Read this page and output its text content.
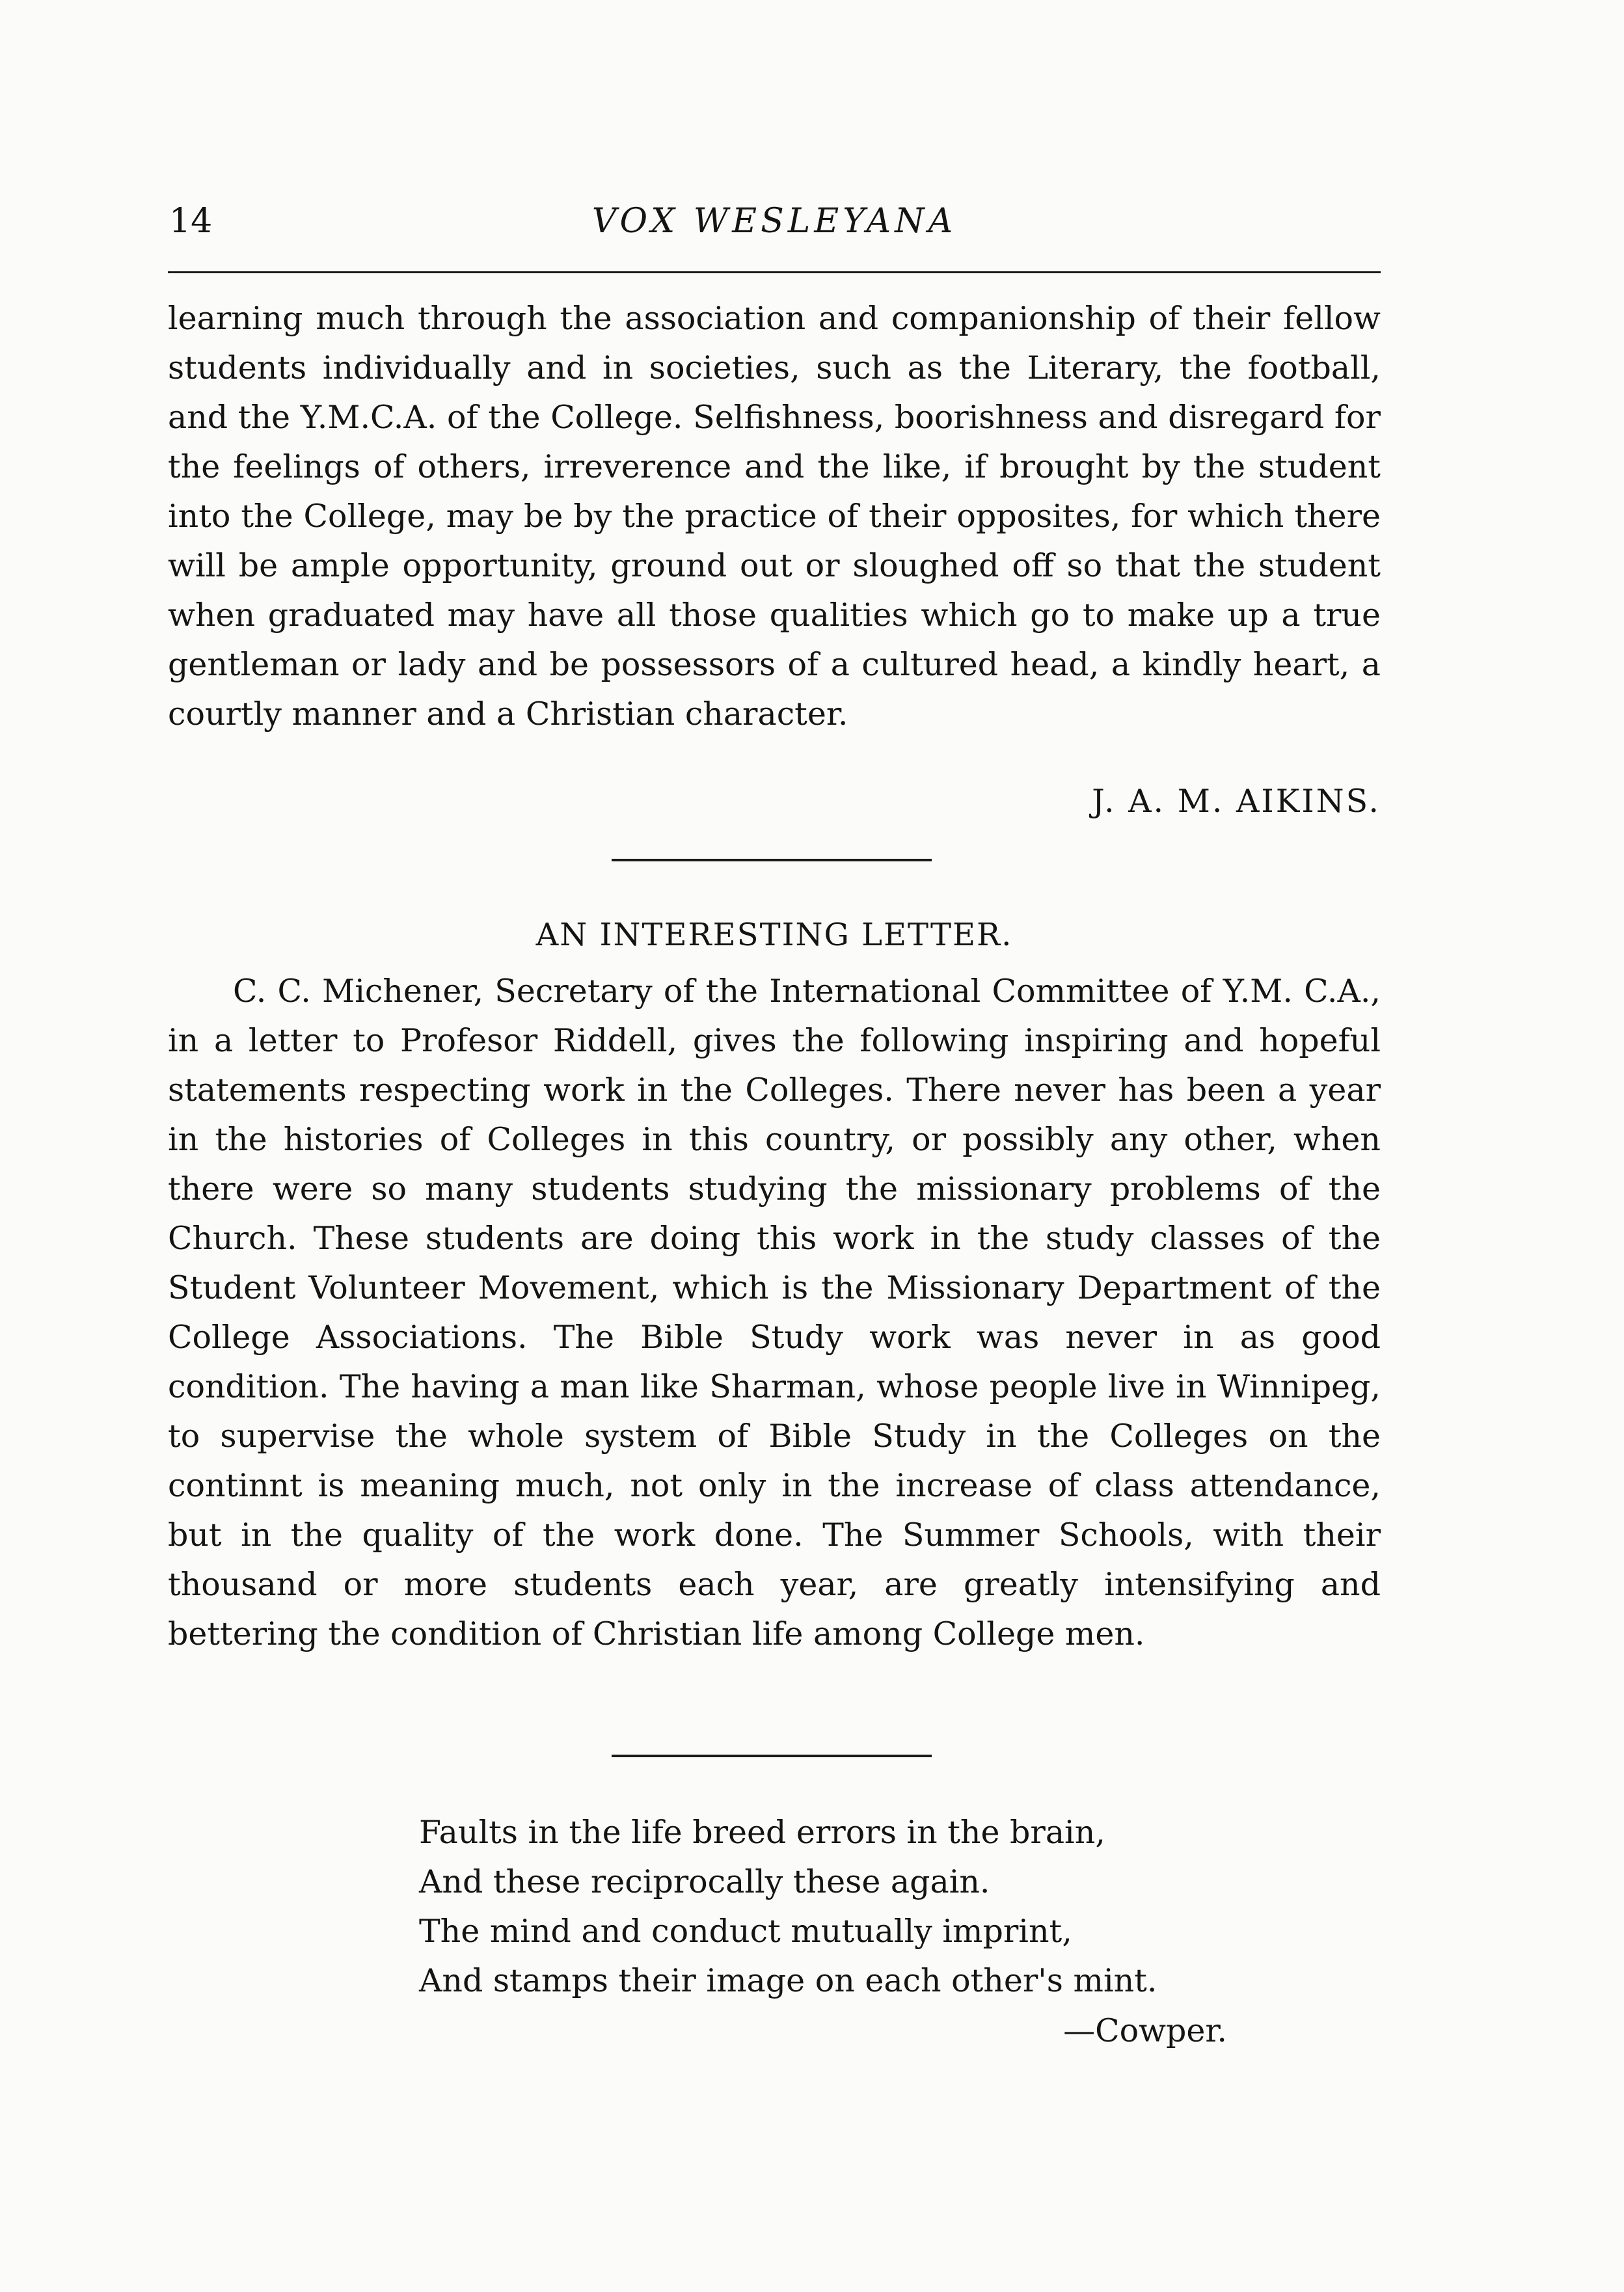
14	VOX WESLEYANA

learning much through the association and companionship of their fellow students individually and in societies, such as the Literary, the football, and the Y.M.C.A. of the College. Selfishness, boorishness and disregard for the feelings of others, irreverence and the like, if brought by the student into the College, may be by the practice of their opposites, for which there will be ample opportunity, ground out or sloughed off so that the student when graduated may have all those qualities which go to make up a true gentleman or lady and be possessors of a cultured head, a kindly heart, a courtly manner and a Christian character.

J. A. M. AIKINS.
AN INTERESTING LETTER.

C. C. Michener, Secretary of the International Committee of Y.M. C.A., in a letter to Profesor Riddell, gives the following inspiring and hopeful statements respecting work in the Colleges. There never has been a year in the histories of Colleges in this country, or possibly any other, when there were so many students studying the missionary problems of the Church. These students are doing this work in the study classes of the Student Volunteer Movement, which is the Missionary Department of the College Associations. The Bible Study work was never in as good condition. The having a man like Sharman, whose people live in Winnipeg, to supervise the whole system of Bible Study in the Colleges on the continnt is meaning much, not only in the increase of class attendance, but in the quality of the work done. The Summer Schools, with their thousand or more students each year, are greatly intensifying and bettering the condition of Christian life among College men.

Faults in the life breed errors in the brain,
And these reciprocally these again.
The mind and conduct mutually imprint,
And stamps their image on each other's mint.
—Cowper.
